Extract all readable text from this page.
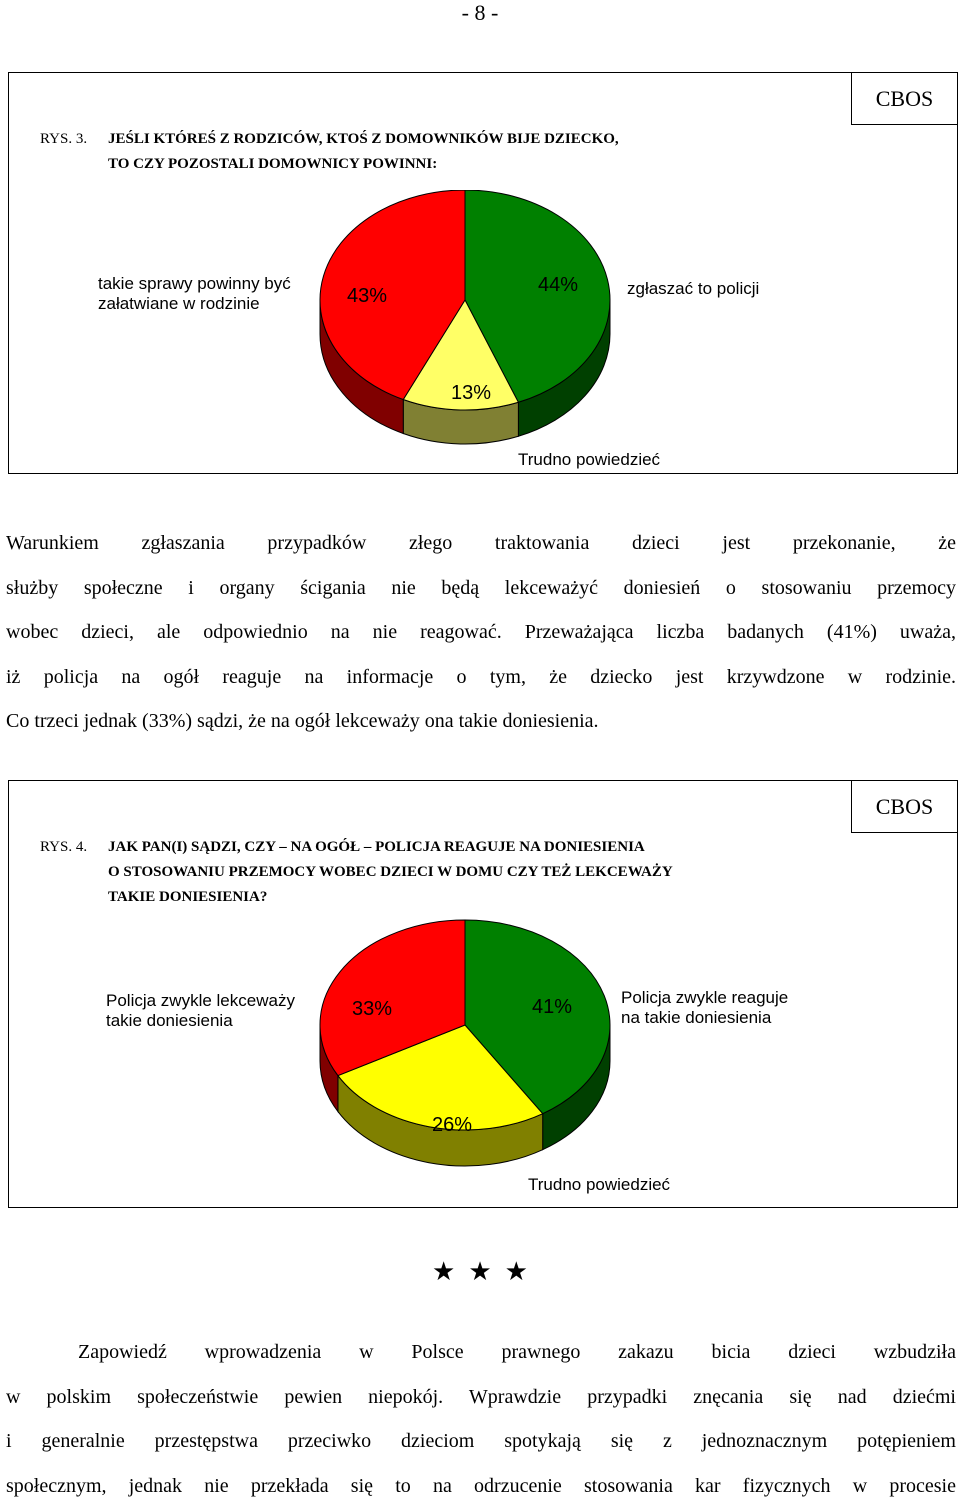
- 8 -
CBOS
RYS. 3. JEŚLI KTÓREŚ Z RODZICÓW, KTOŚ Z DOMOWNIKÓW BIJE DZIECKO,
TO CZY POZOSTALI DOMOWNICY POWINNI:
takie sprawy powinny być
załatwiane w rodzinie	43%	44%	zgłaszać to policji
13%
Trudno powiedzieć
Warunkiem zgłaszania przypadków złego traktowania dzieci jest przekonanie, że
służby społeczne i organy ścigania nie będą lekceważyć doniesień o stosowaniu przemocy
wobec dzieci, ale odpowiednio na nie reagować. Przeważająca liczba badanych (41%) uważa,
iż policja na ogół reaguje na informacje o tym, że dziecko jest krzywdzone w rodzinie.
Co trzeci jednak (33%) sądzi, że na ogół lekceważy ona takie doniesienia.
CBOS
RYS. 4. JAK PAN(I) SĄDZI, CZY – NA OGÓŁ – POLICJA REAGUJE NA DONIESIENIA
O STOSOWANIU PRZEMOCY WOBEC DZIECI W DOMU CZY TEŻ LEKCEWAŻY
TAKIE DONIESIENIA?
Policja zwykle lekceważy
takie doniesienia
33%	41%	Policja zwykle reaguje
na takie doniesienia
26%
Trudno powiedzieć
★  ★  ★
Zapowiedź wprowadzenia w Polsce prawnego zakazu bicia dzieci wzbudziła
w polskim społeczeństwie pewien niepokój. Wprawdzie przypadki znęcania się nad dziećmi
i generalnie przestępstwa przeciwko dzieciom spotykają się z jednoznacznym potępieniem
społecznym, jednak nie przekłada się to na odrzucenie stosowania kar fizycznych w procesie
